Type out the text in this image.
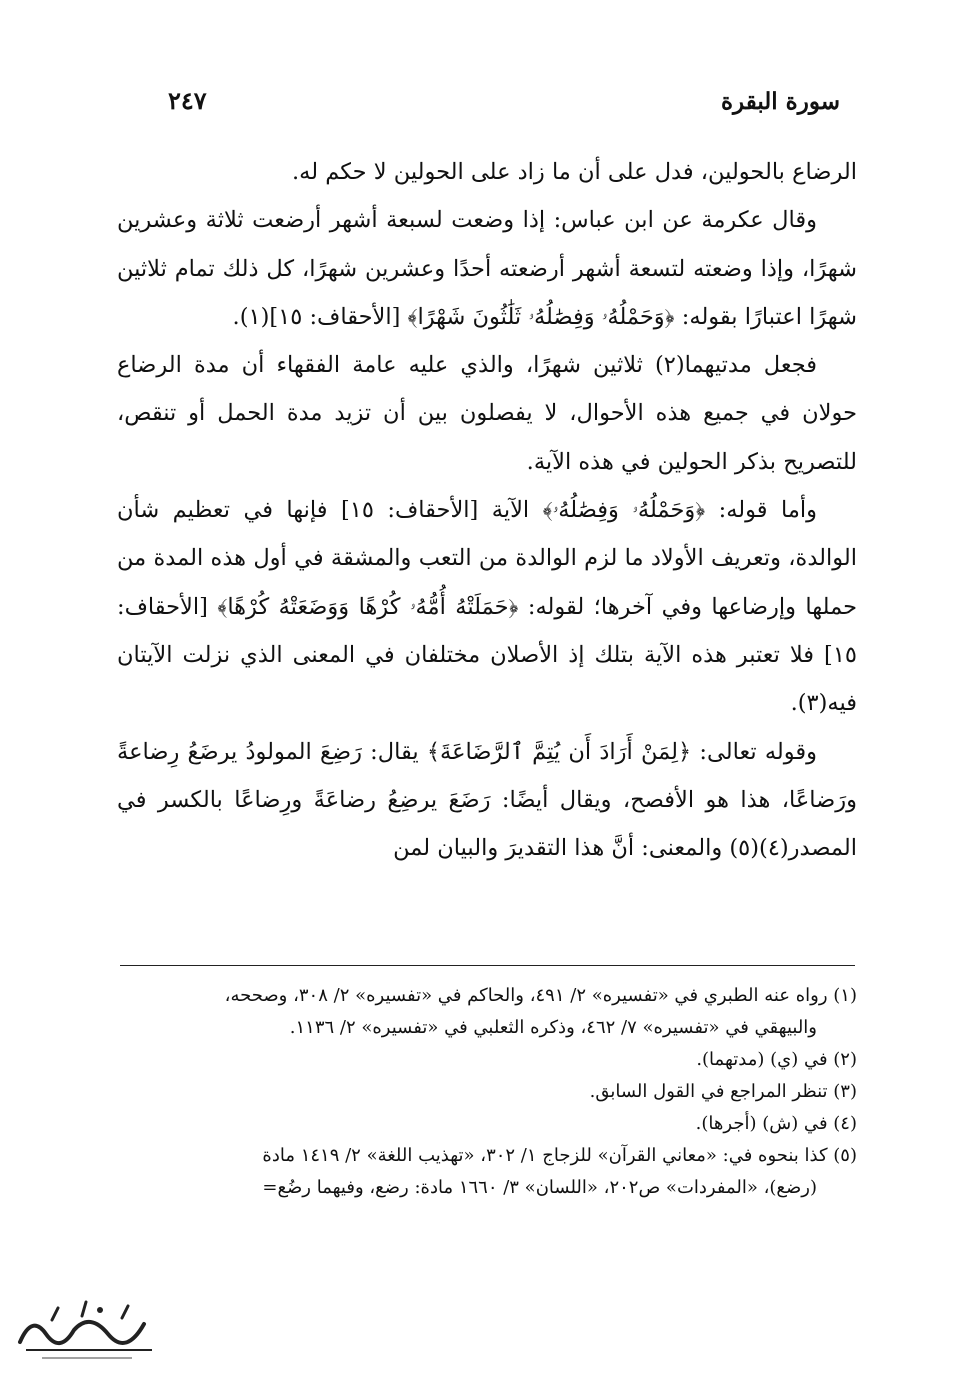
سورة البقرة
٢٤٧

الرضاع بالحولين، فدل على أن ما زاد على الحولين لا حكم له.

وقال عكرمة عن ابن عباس: إذا وضعت لسبعة أشهر أرضعت ثلاثة وعشرين شهرًا، وإذا وضعته لتسعة أشهر أرضعته أحدًا وعشرين شهرًا، كل ذلك تمام ثلاثين شهرًا اعتبارًا بقوله: ﴿وَحَمْلُهُۥ وَفِصَٰلُهُۥ ثَلَٰثُونَ شَهْرًا﴾ [الأحقاف: ١٥](١).

فجعل مدتيهما(٢) ثلاثين شهرًا، والذي عليه عامة الفقهاء أن مدة الرضاع حولان في جميع هذه الأحوال، لا يفصلون بين أن تزيد مدة الحمل أو تنقص، للتصريح بذكر الحولين في هذه الآية.

وأما قوله: ﴿وَحَمْلُهُۥ وَفِصَٰلُهُۥ﴾ الآية [الأحقاف: ١٥] فإنها في تعظيم شأن الوالدة، وتعريف الأولاد ما لزم الوالدة من التعب والمشقة في أول هذه المدة من حملها وإرضاعها وفي آخرها؛ لقوله: ﴿حَمَلَتْهُ أُمُّهُۥ كُرْهًا وَوَضَعَتْهُ كُرْهًا﴾ [الأحقاف: ١٥] فلا تعتبر هذه الآية بتلك إذ الأصلان مختلفان في المعنى الذي نزلت الآيتان فيه(٣).

وقوله تعالى: ﴿لِمَنْ أَرَادَ أَن يُتِمَّ ٱلرَّضَاعَةَ﴾ يقال: رَضِعَ المولودُ يرضَعُ رِضاعةً ورَضاعًا، هذا هو الأفصح، ويقال أيضًا: رَضَعَ يرضِعُ رضاعَةً ورِضاعًا بالكسر في المصدر(٤)(٥) والمعنى: أنَّ هذا التقديرَ والبيان لمن

(١) رواه عنه الطبري في «تفسيره» ٢/ ٤٩١، والحاكم في «تفسيره» ٢/ ٣٠٨، وصححه،

والبيهقي في «تفسيره» ٧/ ٤٦٢، وذكره الثعلبي في «تفسيره» ٢/ ١١٣٦.

(٢) في (ي) (مدتهما).

(٣) تنظر المراجع في القول السابق.

(٤) في (ش) (أجرها).

(٥) كذا بنحوه في: «معاني القرآن» للزجاج ١/ ٣٠٢، «تهذيب اللغة» ٢/ ١٤١٩ مادة

(رضع)، «المفردات» ص٢٠٢، «اللسان» ٣/ ١٦٦٠ مادة: رضع، وفيهما رضُع=
